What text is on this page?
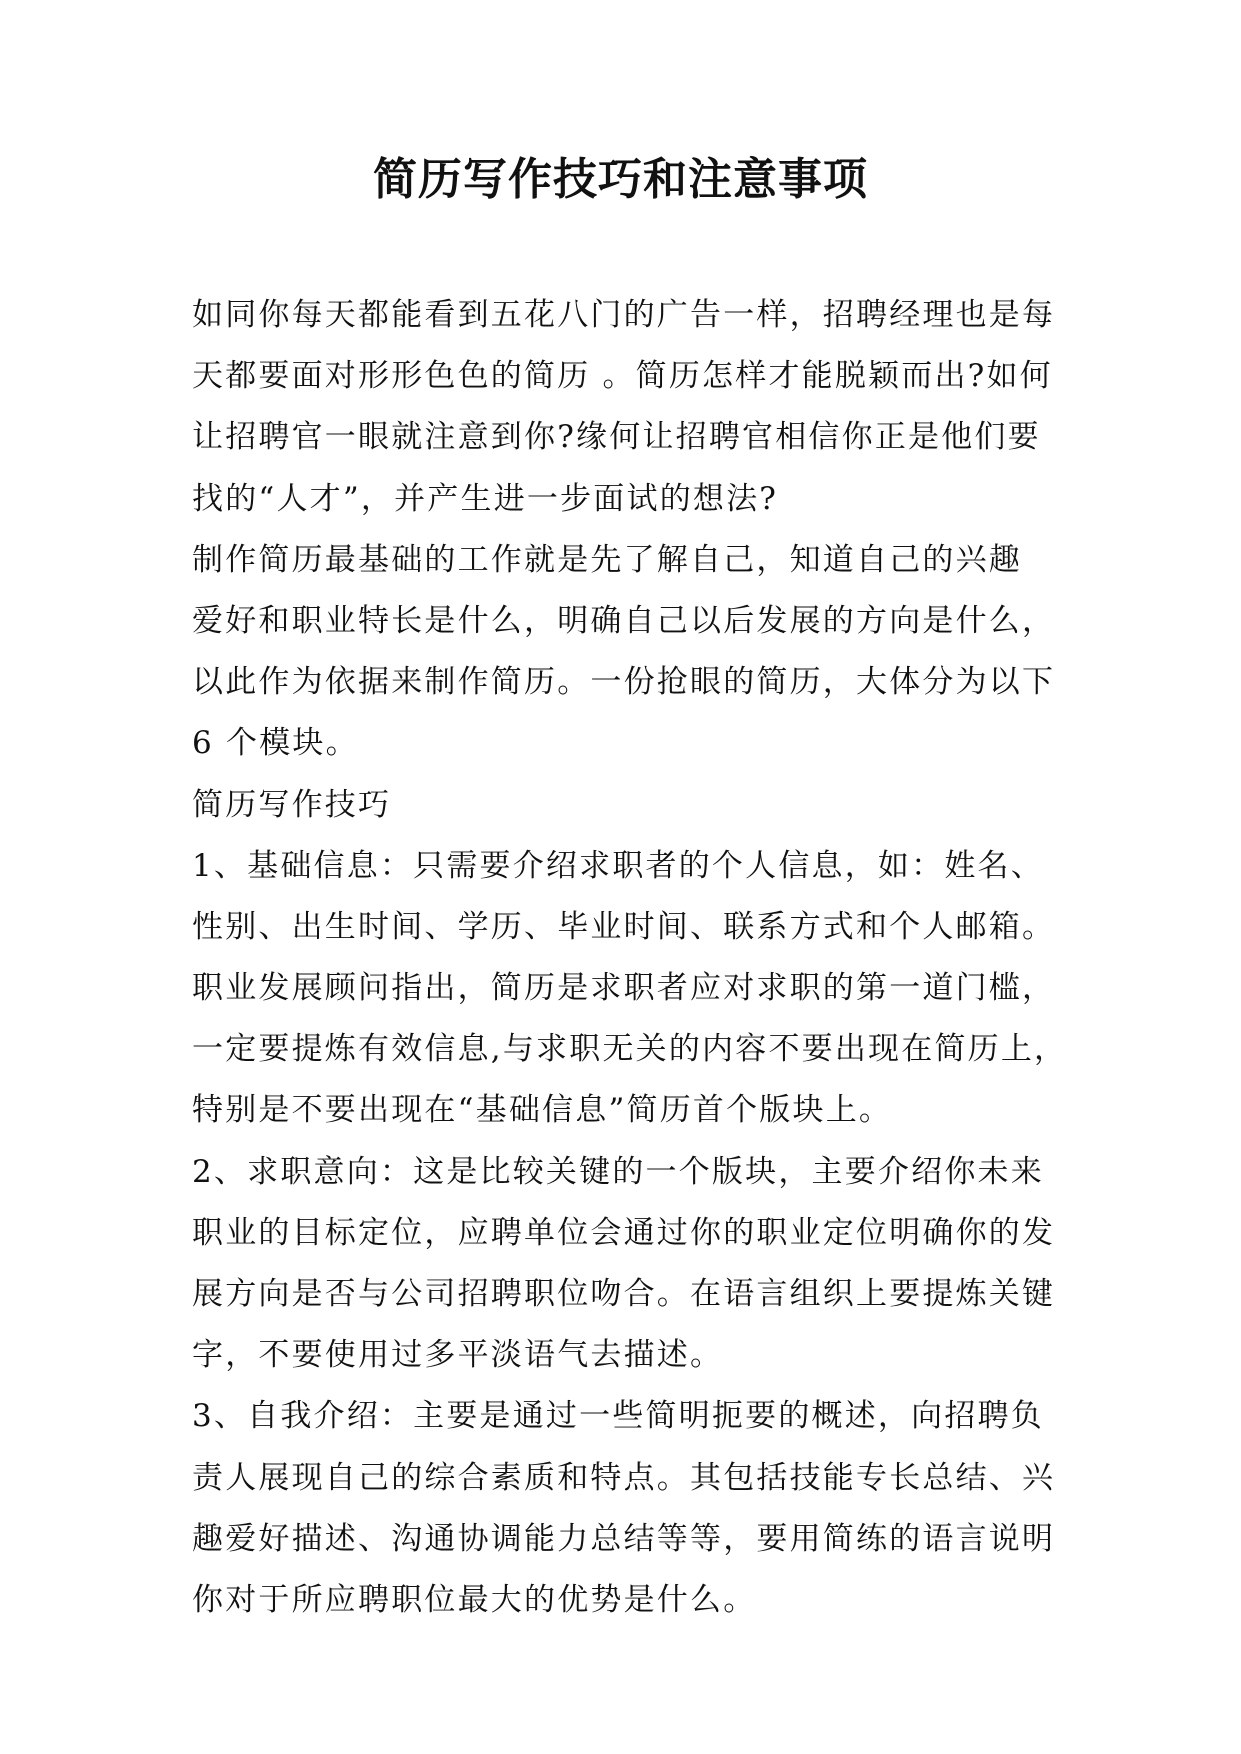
简历写作技巧和注意事项
如同你每天都能看到五花八门的广告一样，招聘经理也是每
天都要面对形形色色的简历 。简历怎样才能脱颖而出?如何
让招聘官一眼就注意到你?缘何让招聘官相信你正是他们要
找的“人才”，并产生进一步面试的想法?
制作简历最基础的工作就是先了解自己，知道自己的兴趣
爱好和职业特长是什么，明确自己以后发展的方向是什么，
以此作为依据来制作简历。一份抢眼的简历，大体分为以下
6 个模块。
简历写作技巧
1、基础信息：只需要介绍求职者的个人信息，如：姓名、
性别、出生时间、学历、毕业时间、联系方式和个人邮箱。
职业发展顾问指出，简历是求职者应对求职的第一道门槛，
一定要提炼有效信息,与求职无关的内容不要出现在简历上，
特别是不要出现在“基础信息”简历首个版块上。
2、求职意向：这是比较关键的一个版块，主要介绍你未来
职业的目标定位，应聘单位会通过你的职业定位明确你的发
展方向是否与公司招聘职位吻合。在语言组织上要提炼关键
字，不要使用过多平淡语气去描述。
3、自我介绍：主要是通过一些简明扼要的概述，向招聘负
责人展现自己的综合素质和特点。其包括技能专长总结、兴
趣爱好描述、沟通协调能力总结等等，要用简练的语言说明
你对于所应聘职位最大的优势是什么。
